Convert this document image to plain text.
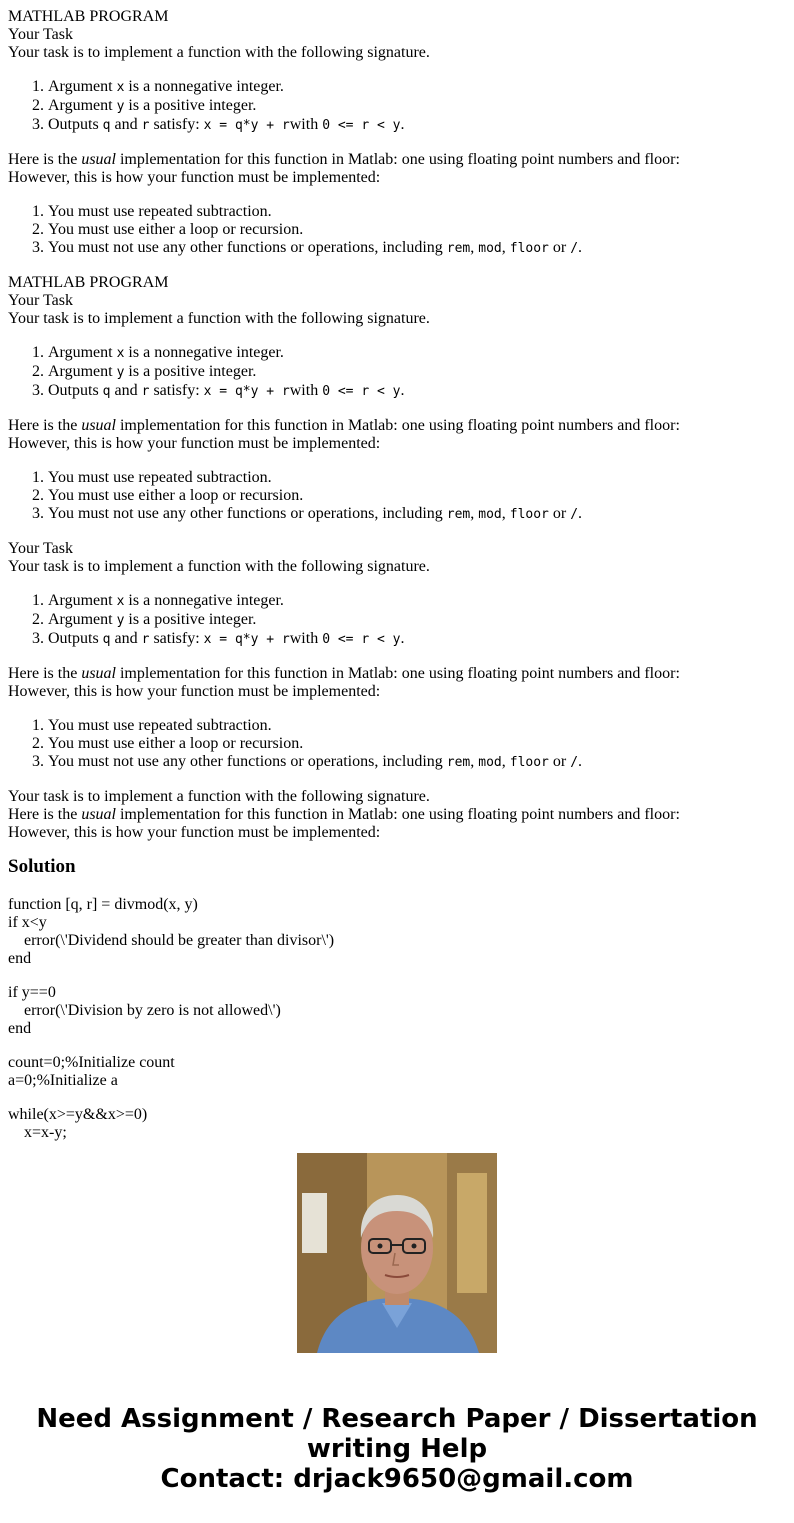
MATHLAB PROGRAM
Your Task
Your task is to implement a function with the following signature.
1. Argument x is a nonnegative integer.
2. Argument y is a positive integer.
3. Outputs q and r satisfy: x = q*y + rwith 0 <= r < y.
Here is the usual implementation for this function in Matlab: one using floating point numbers and floor:
However, this is how your function must be implemented:
1. You must use repeated subtraction.
2. You must use either a loop or recursion.
3. You must not use any other functions or operations, including rem, mod, floor or /.
MATHLAB PROGRAM
Your Task
Your task is to implement a function with the following signature.
1. Argument x is a nonnegative integer.
2. Argument y is a positive integer.
3. Outputs q and r satisfy: x = q*y + rwith 0 <= r < y.
Here is the usual implementation for this function in Matlab: one using floating point numbers and floor:
However, this is how your function must be implemented:
1. You must use repeated subtraction.
2. You must use either a loop or recursion.
3. You must not use any other functions or operations, including rem, mod, floor or /.
Your Task
Your task is to implement a function with the following signature.
1. Argument x is a nonnegative integer.
2. Argument y is a positive integer.
3. Outputs q and r satisfy: x = q*y + rwith 0 <= r < y.
Here is the usual implementation for this function in Matlab: one using floating point numbers and floor:
However, this is how your function must be implemented:
1. You must use repeated subtraction.
2. You must use either a loop or recursion.
3. You must not use any other functions or operations, including rem, mod, floor or /.
Your task is to implement a function with the following signature.
Here is the usual implementation for this function in Matlab: one using floating point numbers and floor:
However, this is how your function must be implemented:
Solution
function [q, r] = divmod(x, y)
if x<y
error(\'Dividend should be greater than divisor\')
end
if y==0
error(\'Division by zero is not allowed\')
end
count=0;%Initialize count
a=0;%Initialize a
while(x>=y&&x>=0)
x=x-y;
Need Assignment / Research Paper / Dissertation
writing Help
Contact: drjack9650@gmail.com
